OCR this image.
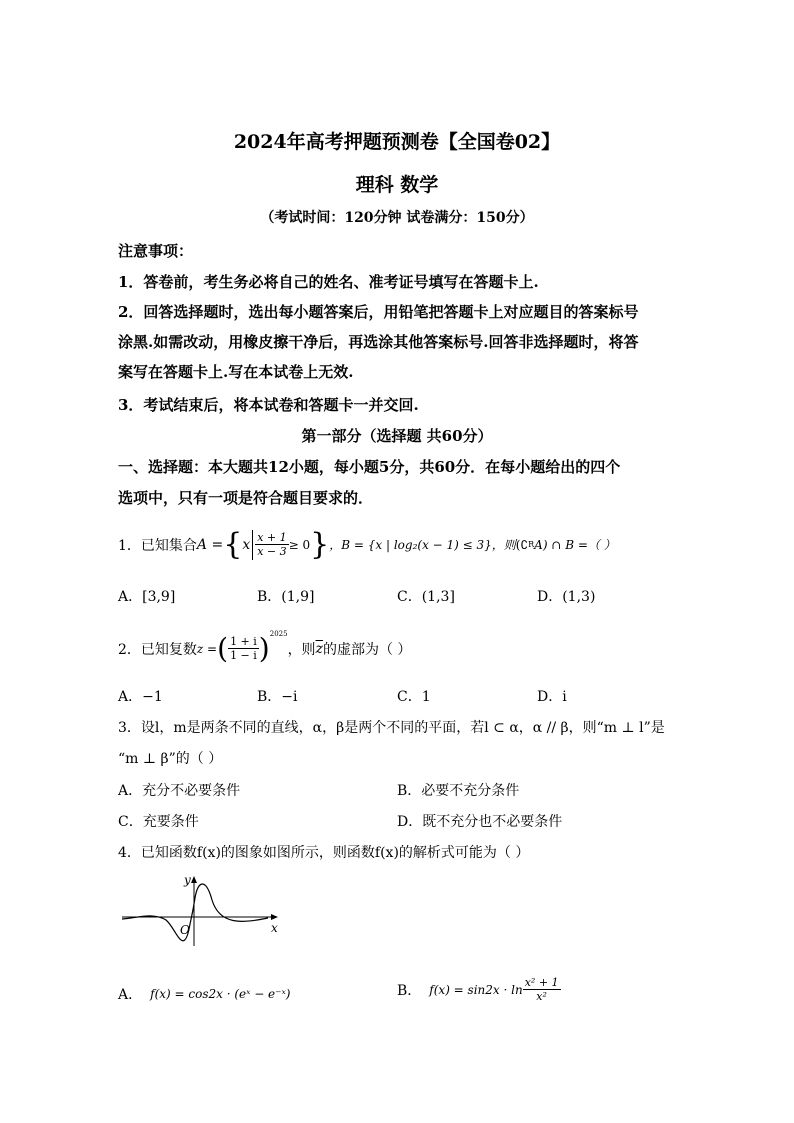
2024年高考押题预测卷【全国卷02】
理科 数学
（考试时间：120分钟 试卷满分：150分）
注意事项：
1．答卷前，考生务必将自己的姓名、准考证号填写在答题卡上.
2．回答选择题时，选出每小题答案后，用铅笔把答题卡上对应题目的答案标号
涂黑.如需改动，用橡皮擦干净后，再选涂其他答案标号.回答非选择题时，将答
案写在答题卡上.写在本试卷上无效.
3．考试结束后，将本试卷和答题卡一并交回.
第一部分（选择题 共60分）
一、选择题：本大题共12小题，每小题5分，共60分．在每小题给出的四个
选项中，只有一项是符合题目要求的．
1．已知集合 A = { x $\frac{x + 1}{x - 3} \ge 0$ } ，B = {x | log₂(x − 1) ≤ 3}，则 (∁ R A) ∩ B =（ ）
A．[3,9]	B．(1,9]	C．(1,3]	D．(1,3)
2．已知复数 z = ( $\frac{1 + i}{1 - i}$ ) 2025
，则 $\overline{z}$ 的虚部为（ ）
A．−1	B．−i	C．1	D．i
3．设l，m是两条不同的直线，α，β是两个不同的平面，若l ⊂ α，α // β，则“m ⊥ l”是
“m ⊥ β”的（ ）
A．充分不必要条件	B．必要不充分条件
C．充要条件	D．既不充分也不必要条件
4．已知函数f(x)的图象如图所示，则函数f(x)的解析式可能为（ ）
y
x
O
A． f(x) = cos2x · (eˣ − e⁻ˣ)	B． $f(x) = \sin 2x \cdot \ln \frac{\text{x² + 1}}{\text{x²}}$
